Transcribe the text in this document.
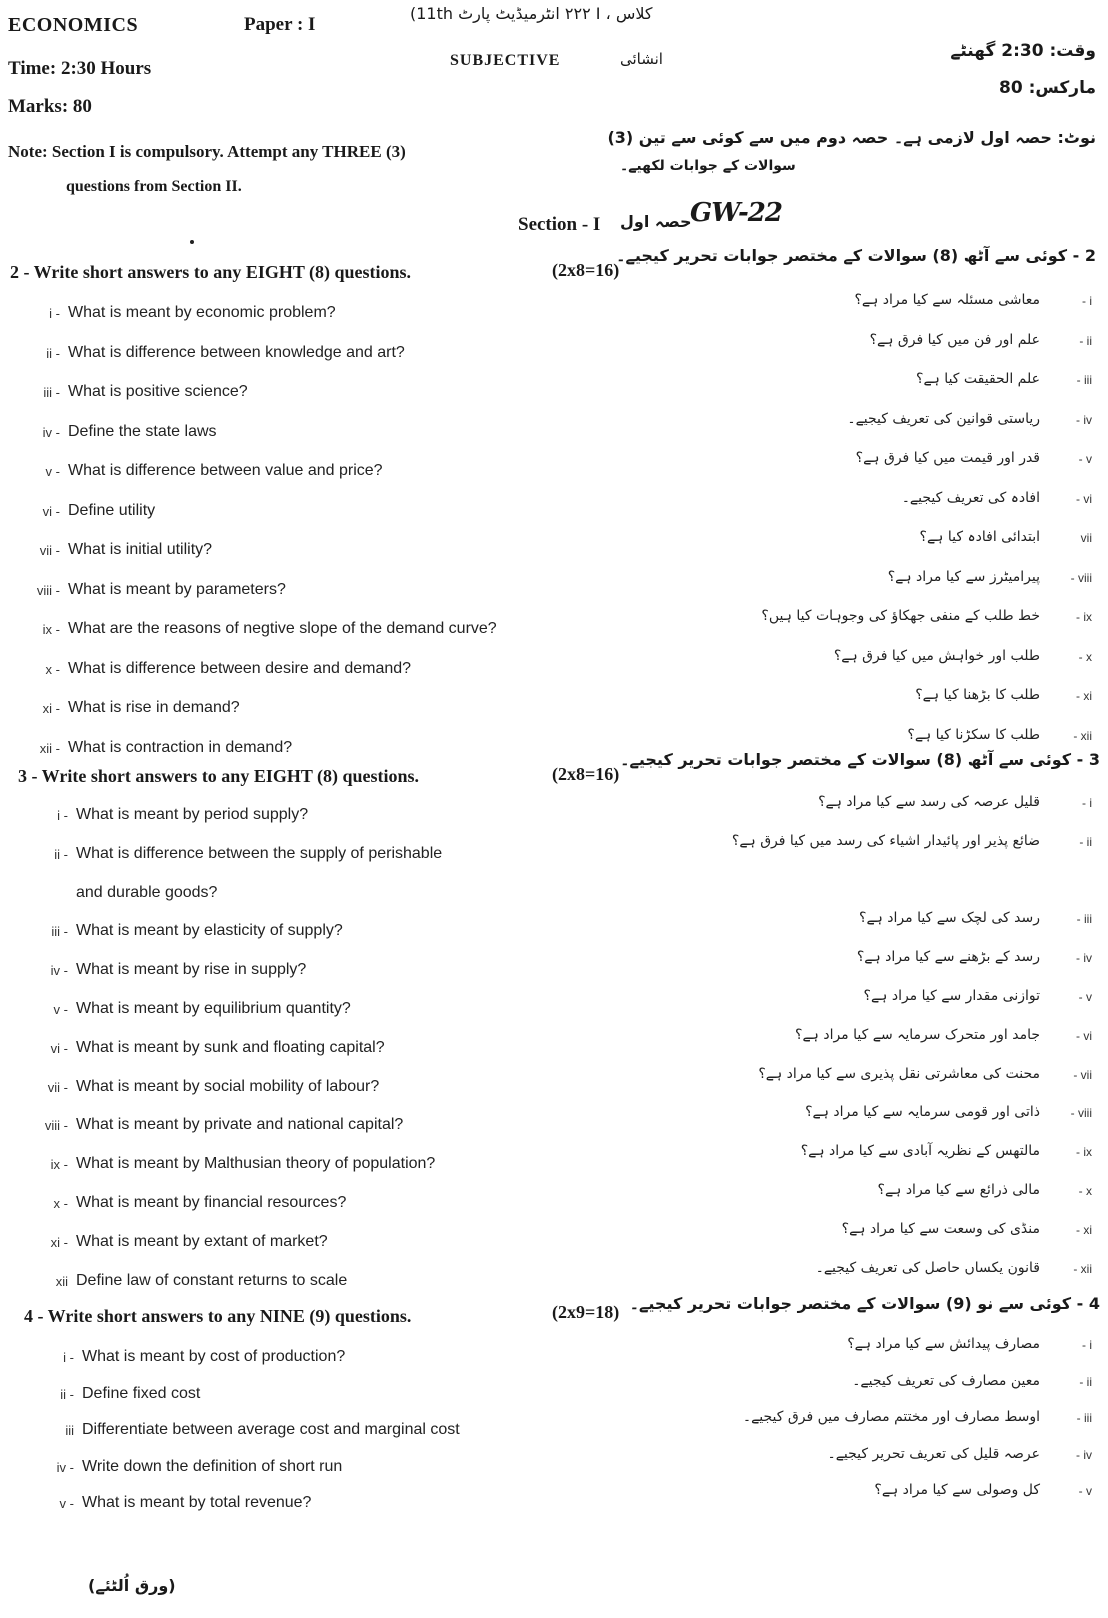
ECONOMICS	Paper : I
(11th ٢٢٢ انٹرمیڈیٹ پارٹ I ، کلاس
Time: 2:30 Hours	SUBJECTIVE	انشائی	وقت: 2:30 گھنٹے
Marks: 80
مارکس: 80
Note: Section I is compulsory. Attempt any THREE (3)
questions from Section II.
نوٹ: حصہ اول لازمی ہے۔ حصہ دوم میں سے کوئی سے تین (3)
سوالات کے جوابات لکھیے۔
Section - I حصہ اول
GW-22
2 - Write short answers to any EIGHT (8) questions.	(2x8=16)
2 - کوئی سے آٹھ (8) سوالات کے مختصر جوابات تحریر کیجیے۔
i - What is meant by economic problem?
معاشی مسئلہ سے کیا مراد ہے؟	- i
ii - What is difference between knowledge and art?
علم اور فن میں کیا فرق ہے؟	- ii
iii - What is positive science?
علم الحقیقت کیا ہے؟	- iii
iv - Define the state laws
ریاستی قوانین کی تعریف کیجیے۔	- iv
v - What is difference between value and price?
قدر اور قیمت میں کیا فرق ہے؟	- v
vi - Define utility
افادہ کی تعریف کیجیے۔	- vi
vii - What is initial utility?
ابتدائی افادہ کیا ہے؟	vii
viii - What is meant by parameters?
پیرامیٹرز سے کیا مراد ہے؟	- viii
ix - What are the reasons of negtive slope of the demand curve?
خط طلب کے منفی جھکاؤ کی وجوہات کیا ہیں؟	- ix
x - What is difference between desire and demand?
طلب اور خواہش میں کیا فرق ہے؟	- x
xi - What is rise in demand?
طلب کا بڑھنا کیا ہے؟	- xi
xii - What is contraction in demand?
طلب کا سکڑنا کیا ہے؟	- xii
3 - Write short answers to any EIGHT (8) questions.	(2x8=16)
3 - کوئی سے آٹھ (8) سوالات کے مختصر جوابات تحریر کیجیے۔
i - What is meant by period supply?
قلیل عرصہ کی رسد سے کیا مراد ہے؟	- i
ii - What is difference between the supply of perishable
ضائع پذیر اور پائیدار اشیاء کی رسد میں کیا فرق ہے؟	- ii
and durable goods?
iii - What is meant by elasticity of supply?
رسد کی لچک سے کیا مراد ہے؟	- iii
iv - What is meant by rise in supply?
رسد کے بڑھنے سے کیا مراد ہے؟	- iv
v - What is meant by equilibrium quantity?
توازنی مقدار سے کیا مراد ہے؟	- v
vi - What is meant by sunk and floating capital?
جامد اور متحرک سرمایہ سے کیا مراد ہے؟	- vi
vii - What is meant by social mobility of labour?
محنت کی معاشرتی نقل پذیری سے کیا مراد ہے؟	- vii
viii - What is meant by private and national capital?
ذاتی اور قومی سرمایہ سے کیا مراد ہے؟	- viii
ix - What is meant by Malthusian theory of population?
مالتھس کے نظریہ آبادی سے کیا مراد ہے؟	- ix
x - What is meant by financial resources?
مالی ذرائع سے کیا مراد ہے؟	- x
xi - What is meant by extant of market?
منڈی کی وسعت سے کیا مراد ہے؟	- xi
xii Define law of constant returns to scale
قانون یکساں حاصل کی تعریف کیجیے۔	- xii
4 - Write short answers to any NINE (9) questions.	(2x9=18) 4 - کوئی سے نو (9) سوالات کے مختصر جوابات تحریر کیجیے۔
i - What is meant by cost of production?
مصارف پیدائش سے کیا مراد ہے؟	- i
ii - Define fixed cost
معین مصارف کی تعریف کیجیے۔	- ii
iii Differentiate between average cost and marginal cost
اوسط مصارف اور مختتم مصارف میں فرق کیجیے۔	- iii
iv - Write down the definition of short run
عرصہ قلیل کی تعریف تحریر کیجیے۔	- iv
v - What is meant by total revenue?
کل وصولی سے کیا مراد ہے؟	- v
(ورق اُلٹئے)
